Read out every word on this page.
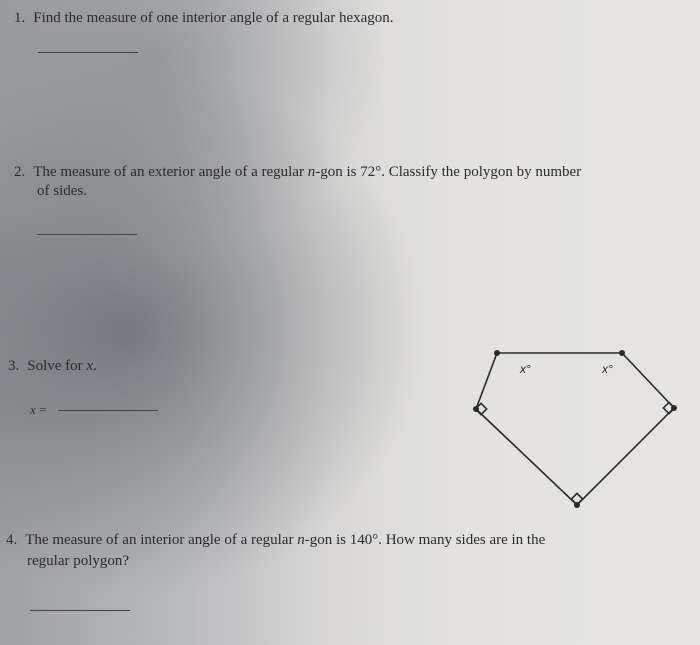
1. Find the measure of one interior angle of a regular hexagon.
2. The measure of an exterior angle of a regular n-gon is 72°. Classify the polygon by number
of sides.
3. Solve for x.
x =
x°	x°
4. The measure of an interior angle of a regular n-gon is 140°. How many sides are in the
regular polygon?
